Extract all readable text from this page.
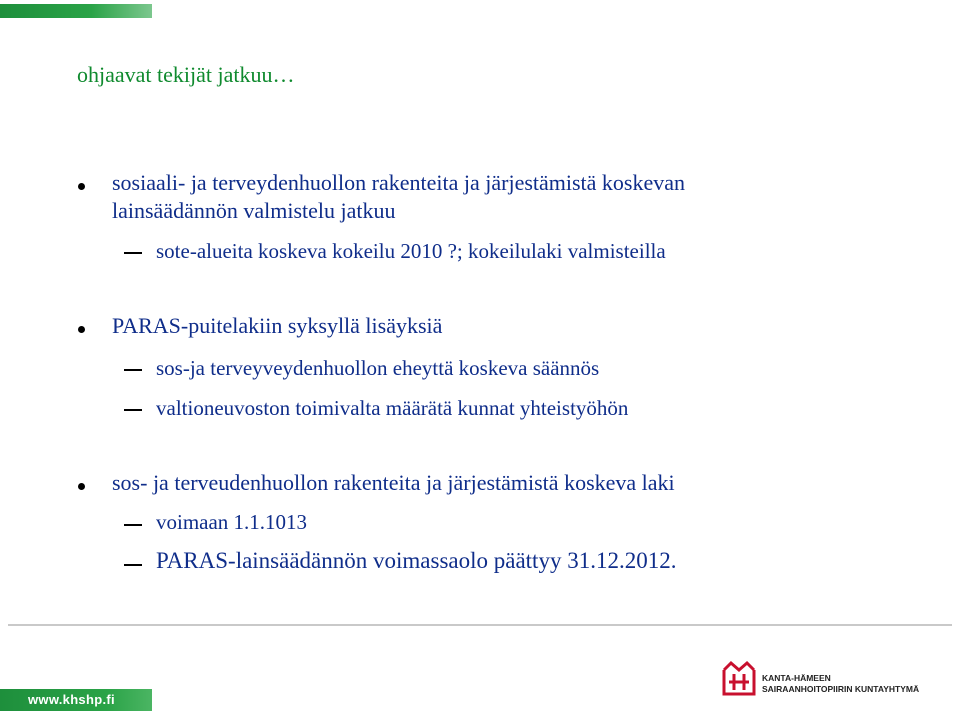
ohjaavat tekijät jatkuu…
sosiaali- ja terveydenhuollon rakenteita ja järjestämistä koskevan
lainsäädännön valmistelu jatkuu
sote-alueita koskeva kokeilu 2010 ?; kokeilulaki valmisteilla
PARAS-puitelakiin syksyllä lisäyksiä
sos-ja terveyveydenhuollon eheyttä koskeva säännös
valtioneuvoston toimivalta määrätä kunnat yhteistyöhön
sos- ja terveudenhuollon rakenteita ja järjestämistä koskeva laki
voimaan 1.1.1013
PARAS-lainsäädännön voimassaolo päättyy 31.12.2012.
www.khshp.fi
KANTA-HÄMEEN
SAIRAANHOITOPIIRIN KUNTAYHTYMÄ
